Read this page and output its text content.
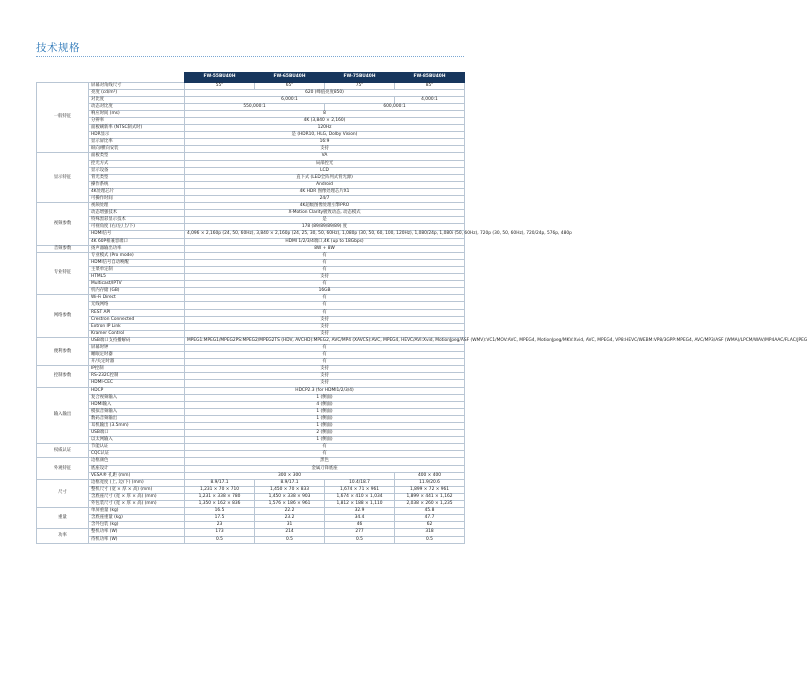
技术规格
		FW-55BU40H	FW-65BU40H	FW-75BU40H	FW-85BU40H
一般特征	屏幕对角线尺寸	55"	65"	75"	85"
	亮度 (cd/m²)	620 (峰值亮度850)			
	对比度	6,000:1			4,000:1
	动态对比度	550,000:1		600,000:1	
	响应时间 (ms)	8			
	分辨率	4K (3,840 × 2,160)			
	面板刷新率 (NTSC制式时)	120Hz			
	HDR显示	是 (HDR10, HLG, Dolby Vision)			
	显示屏比率	16:9			
	纵向/横向安装	支持			
显示特征	面板类型	VA			
	控光方式	局部控光			
	显示设备	LCD			
	背光类型	直下式 (LED全阵列式背光源)			
	操作系统	Android			
	4K处理芯片	4K HDR 图像处理芯片X1			
	可操作时间	24/7			
视频参数	视频处理	4K超级图像处理引擎PRO			
	动态增强技术	X-Motion Clarity极致动态, 动态模式			
	特殊黑彩显示技术	是			
	可视角度 (右/左/上/下)	178 (89/89/89/89) 度			
	HDMI信号	4,096 × 2,160p (24, 50, 60Hz), 3,840 × 2,160p (24, 25, 30, 50, 60Hz), 1,080p (30, 50, 60, 100, 120Hz), 1,080/24p, 1,080i (50, 60Hz), 720p (30, 50, 60Hz), 720/24p, 576p, 480p			
	4K 60P相兼容端口	HDMI 1/2/3/4端口,4K (up to 18Gbps)			
音频参数	扬声器输出功率	8W + 8W			
专业特征	专业模式 (Pro mode)	有			
	HDMI信号自动唤醒	有			
	主菜单定制	有			
	HTML5	支持			
	Multicast/IPTV	有			
	机内存储 (GB)	16GB			
网络参数	Wi-Fi Direct	有			
	无线网络	有			
	REST API	有			
	Crestron Connected	支持			
	Extron IP Link	支持			
	Kramer Control	支持			
便利参数	USB端口支持播解码	MPEG1:MPEG1/MPEG2PS:MPEG2/MPEG2TS (HDV, AVCHD):MPEG2, AVC/MP4 (XAVCS):AVC, MPEG4, HEVC/AVI:Xvid, MotionJpeg/ASF (WMV):VC1/MOV:AVC, MPEG4, MotionJpeg/MKV:Xvid, AVC, MPEG4, VP8:HEVC/WEBM:VP8/3GPP:MPEG4, AVC/MP3/ASF (WMA)/LPCM/WAV/MP4AAC/FLAC/JPEG			
	屏幕时钟	有			
	睡眠定时器	有			
	开/关定时器	有			
控制参数	IP控制	支持			
	RS-232C控制	支持			
	HDMI-CEC	支持			
输入输出	HDCP	HDCP2.3 (for HDMI1/2/3/4)			
	复合视频输入	1 (侧面)			
	HDMI输入	4 (侧面)			
	模拟音频输入	1 (侧面)			
	数码音频输出	1 (侧面)			
	耳机输出 (3.5mm)	1 (侧面)			
	USB端口	2 (侧面)			
	以太网输入	1 (侧面)			
权威认证	节能认证	有			
	CQC认证	有			
外观特征	边框颜色	黑色			
	底座设计	金属刀锋底座			
	VESA® 孔距 (mm)	300 × 300			400 × 400
尺寸	边框宽度 (上, 边/下) (mm)	8.9/17.1	8.9/17.1	10.4/18.7	11.9/20.6
	整机尺寸 (宽 × 厚 × 高) (mm)	1,231 × 70 × 710	1,450 × 70 × 833	1,674 × 71 × 961	1,899 × 72 × 961
	含底座尺寸 (宽 × 厚 × 高) (mm)	1,231 × 338 × 780	1,450 × 338 × 903	1,674 × 410 × 1,034	1,899 × 441 × 1,162
	外包装尺寸 (宽 × 厚 × 高) (mm)	1,350 × 162 × 836	1,576 × 186 × 961	1,812 × 188 × 1,110	2,038 × 260 × 1,235
重量	单屏重量 (kg)	16.5	22.2	32.9	45.8
	含底座重量 (kg)	17.5	23.2	34.4	47.7
	含外包装 (kg)	23	31	46	62
功率	整机功率 (W)	173	214	277	318
	待机功率 (W)	0.5	0.5	0.5	0.5
